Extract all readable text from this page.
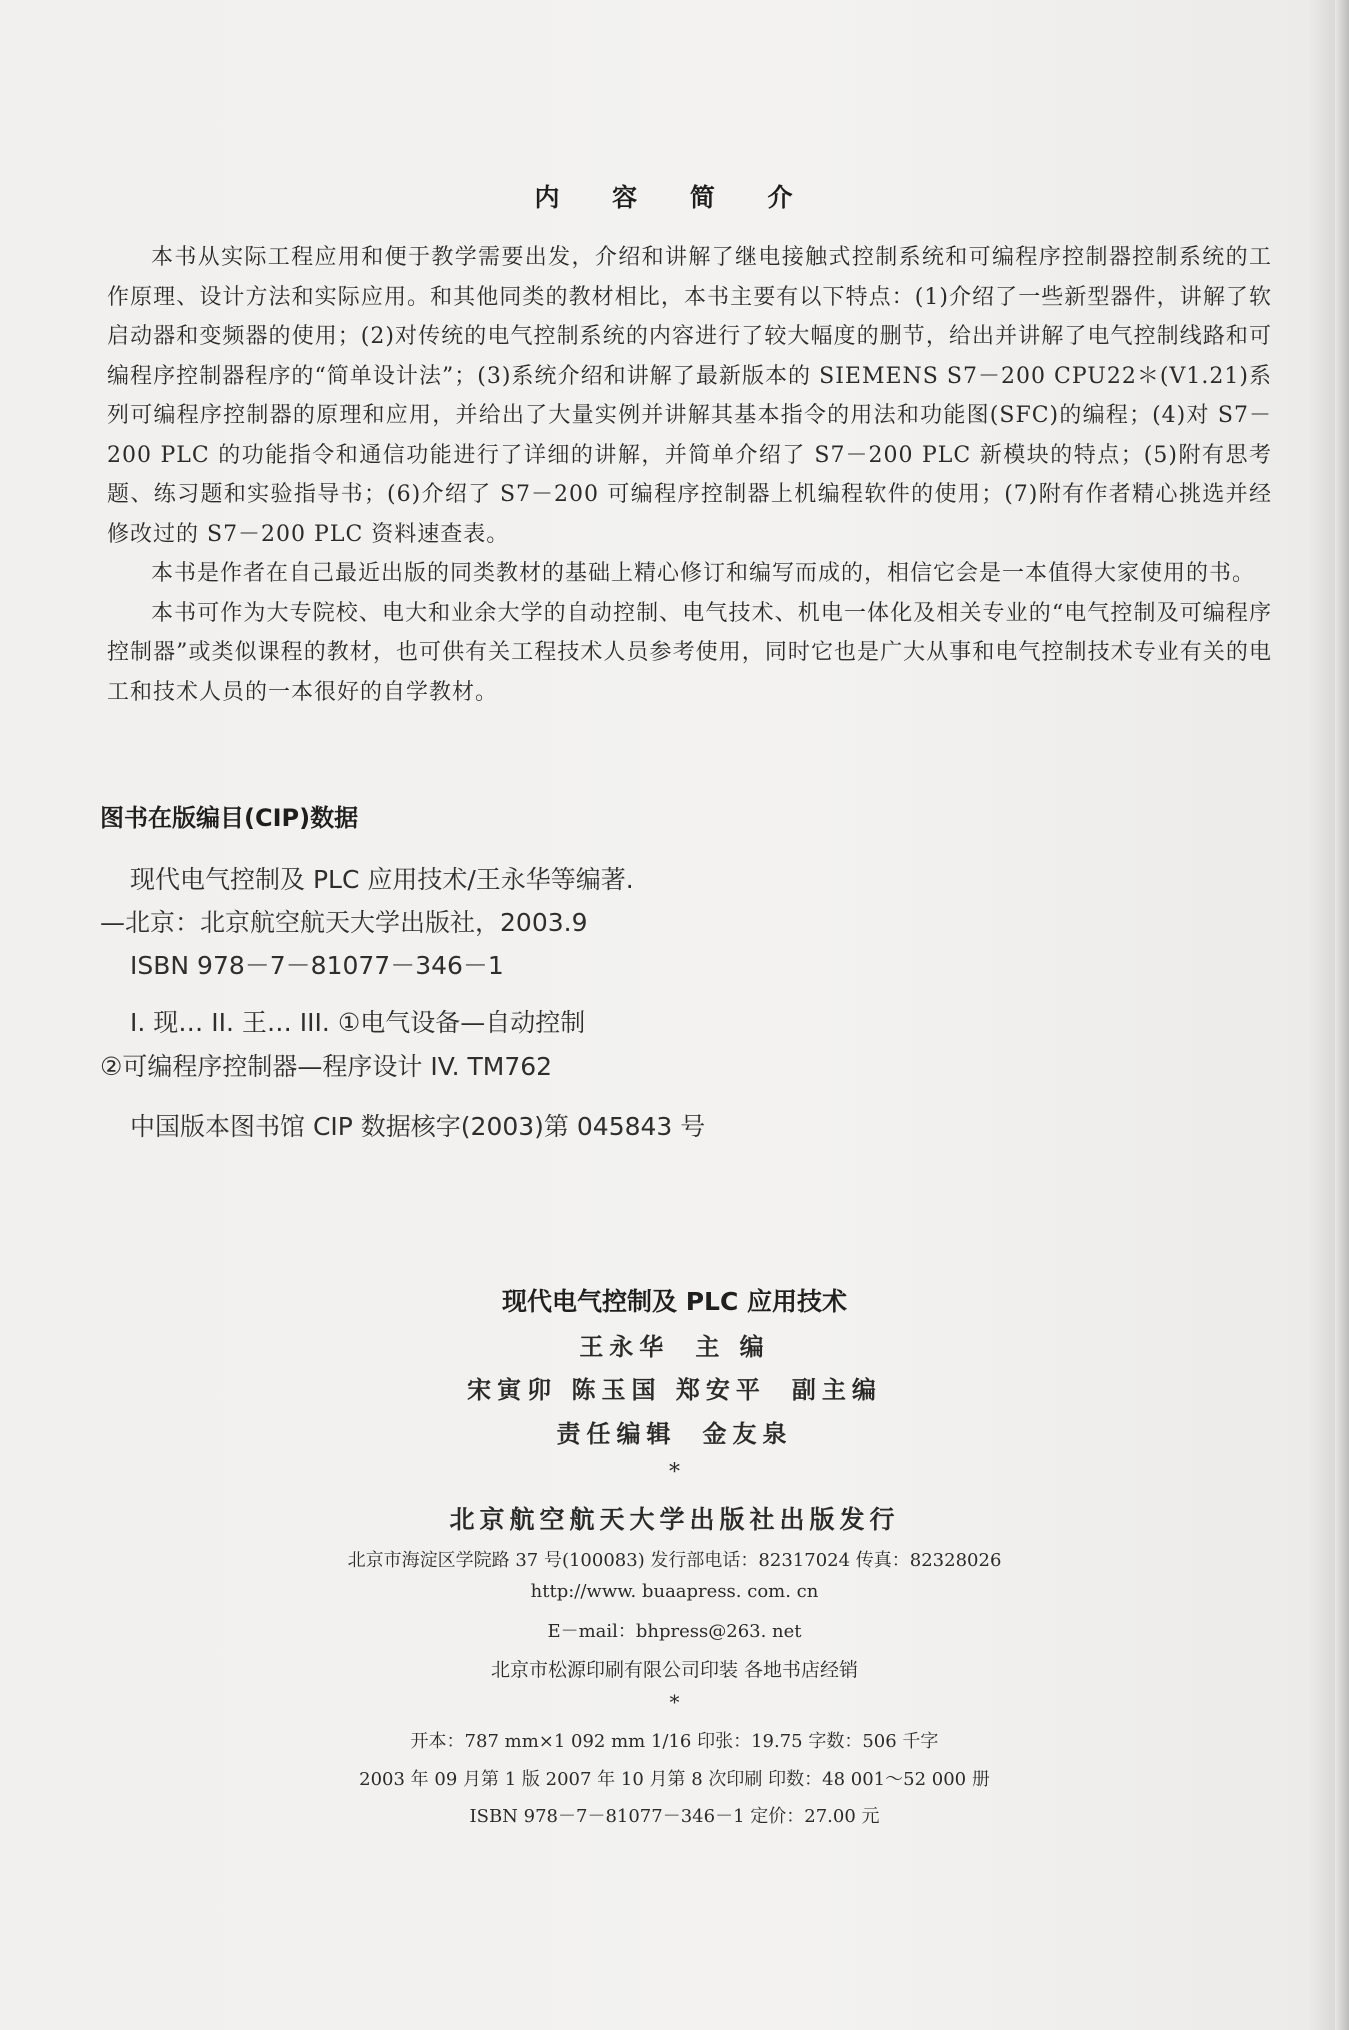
内 容 简 介

本书从实际工程应用和便于教学需要出发，介绍和讲解了继电接触式控制系统和可编程序控制器控制系统的工作原理、设计方法和实际应用。和其他同类的教材相比，本书主要有以下特点：(1)介绍了一些新型器件，讲解了软启动器和变频器的使用；(2)对传统的电气控制系统的内容进行了较大幅度的删节，给出并讲解了电气控制线路和可编程序控制器程序的“简单设计法”；(3)系统介绍和讲解了最新版本的 SIEMENS S7－200 CPU22＊(V1.21)系列可编程序控制器的原理和应用，并给出了大量实例并讲解其基本指令的用法和功能图(SFC)的编程；(4)对 S7－200 PLC 的功能指令和通信功能进行了详细的讲解，并简单介绍了 S7－200 PLC 新模块的特点；(5)附有思考题、练习题和实验指导书；(6)介绍了 S7－200 可编程序控制器上机编程软件的使用；(7)附有作者精心挑选并经修改过的 S7－200 PLC 资料速查表。

本书是作者在自己最近出版的同类教材的基础上精心修订和编写而成的，相信它会是一本值得大家使用的书。

本书可作为大专院校、电大和业余大学的自动控制、电气技术、机电一体化及相关专业的“电气控制及可编程序控制器”或类似课程的教材，也可供有关工程技术人员参考使用，同时它也是广大从事和电气控制技术专业有关的电工和技术人员的一本很好的自学教材。

图书在版编目(CIP)数据
现代电气控制及 PLC 应用技术/王永华等编著.
—北京：北京航空航天大学出版社，2003.9
ISBN 978－7－81077－346－1
I. 现… II. 王… III. ①电气设备—自动控制
②可编程序控制器—程序设计 IV. TM762
中国版本图书馆 CIP 数据核字(2003)第 045843 号
现代电气控制及 PLC 应用技术
王永华 主 编
宋寅卯 陈玉国 郑安平 副主编
责任编辑 金友泉
*
北京航空航天大学出版社出版发行
北京市海淀区学院路 37 号(100083) 发行部电话：82317024 传真：82328026
http://www. buaapress. com. cn
E－mail：bhpress@263. net
北京市松源印刷有限公司印装 各地书店经销
*
开本：787 mm×1 092 mm 1/16 印张：19.75 字数：506 千字
2003 年 09 月第 1 版 2007 年 10 月第 8 次印刷 印数：48 001～52 000 册
ISBN 978－7－81077－346－1 定价：27.00 元
